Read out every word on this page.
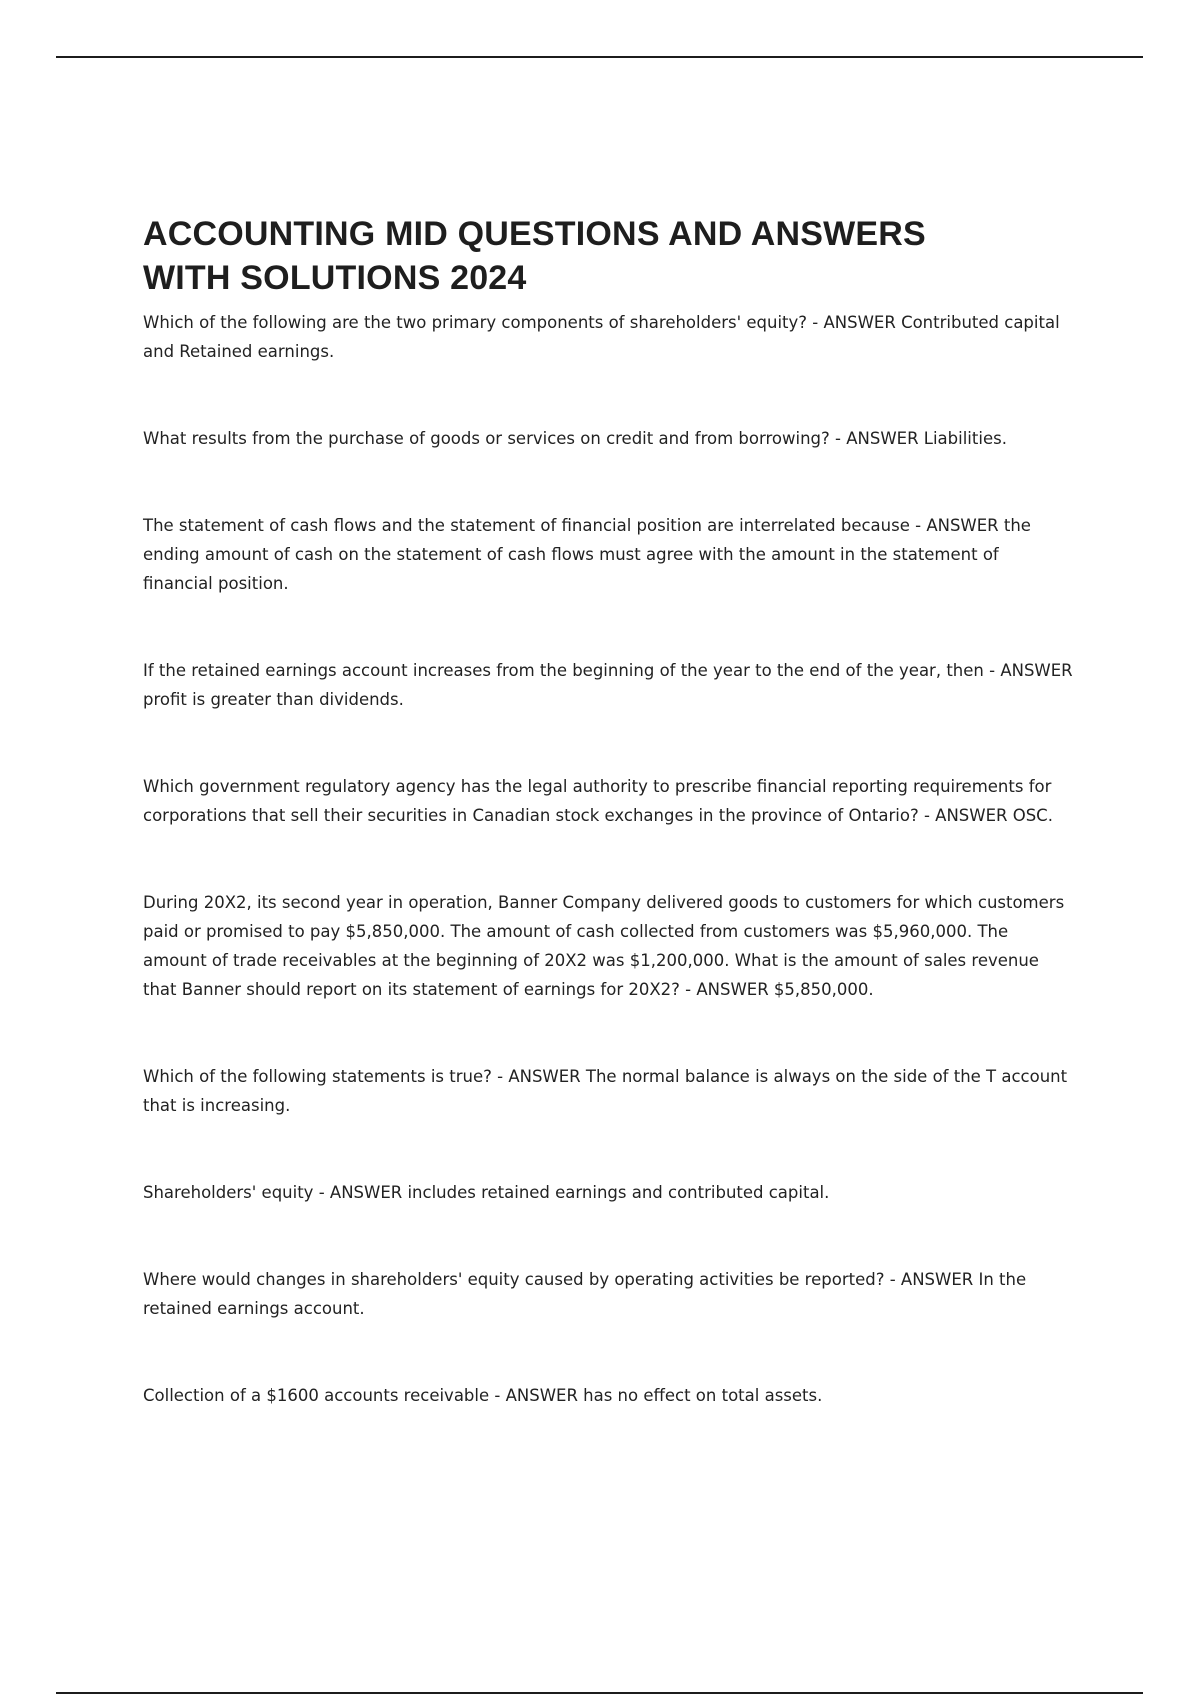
ACCOUNTING MID QUESTIONS AND ANSWERS
WITH SOLUTIONS 2024
Which of the following are the two primary components of shareholders' equity? - ANSWER Contributed capital and Retained earnings.
What results from the purchase of goods or services on credit and from borrowing? - ANSWER Liabilities.
The statement of cash flows and the statement of financial position are interrelated because - ANSWER the ending amount of cash on the statement of cash flows must agree with the amount in the statement of financial position.
If the retained earnings account increases from the beginning of the year to the end of the year, then - ANSWER profit is greater than dividends.
Which government regulatory agency has the legal authority to prescribe financial reporting requirements for corporations that sell their securities in Canadian stock exchanges in the province of Ontario? - ANSWER OSC.
During 20X2, its second year in operation, Banner Company delivered goods to customers for which customers paid or promised to pay $5,850,000. The amount of cash collected from customers was $5,960,000. The amount of trade receivables at the beginning of 20X2 was $1,200,000. What is the amount of sales revenue that Banner should report on its statement of earnings for 20X2? - ANSWER $5,850,000.
Which of the following statements is true? - ANSWER The normal balance is always on the side of the T account that is increasing.
Shareholders' equity - ANSWER includes retained earnings and contributed capital.
Where would changes in shareholders' equity caused by operating activities be reported? - ANSWER In the retained earnings account.
Collection of a $1600 accounts receivable - ANSWER has no effect on total assets.
